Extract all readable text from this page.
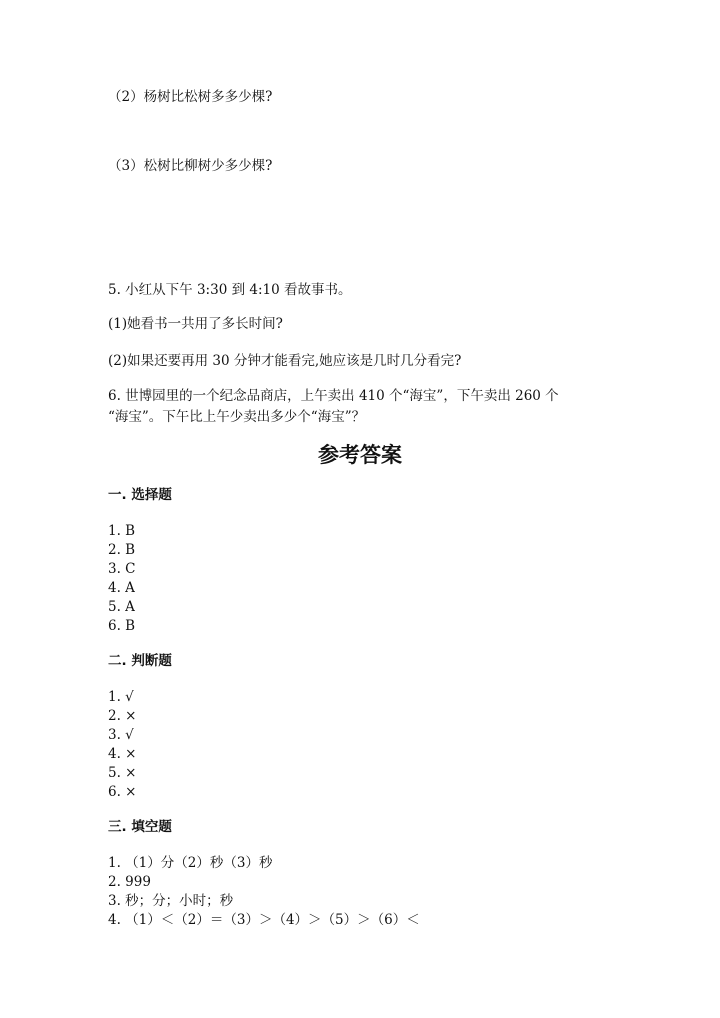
（2）杨树比松树多多少棵?
（3）松树比柳树少多少棵?
5. 小红从下午 3:30 到 4:10 看故事书。
(1)她看书一共用了多长时间?
(2)如果还要再用 30 分钟才能看完,她应该是几时几分看完?
6. 世博园里的一个纪念品商店，上午卖出 410 个“海宝”，下午卖出 260 个
“海宝”。下午比上午少卖出多少个“海宝”？
参考答案
一. 选择题
1. B
2. B
3. C
4. A
5. A
6. B
二. 判断题
1. √
2. ×
3. √
4. ×
5. ×
6. ×
三. 填空题
1. （1）分（2）秒（3）秒
2. 999
3. 秒；分；小时；秒
4. （1）＜（2）＝（3）＞（4）＞（5）＞（6）＜
